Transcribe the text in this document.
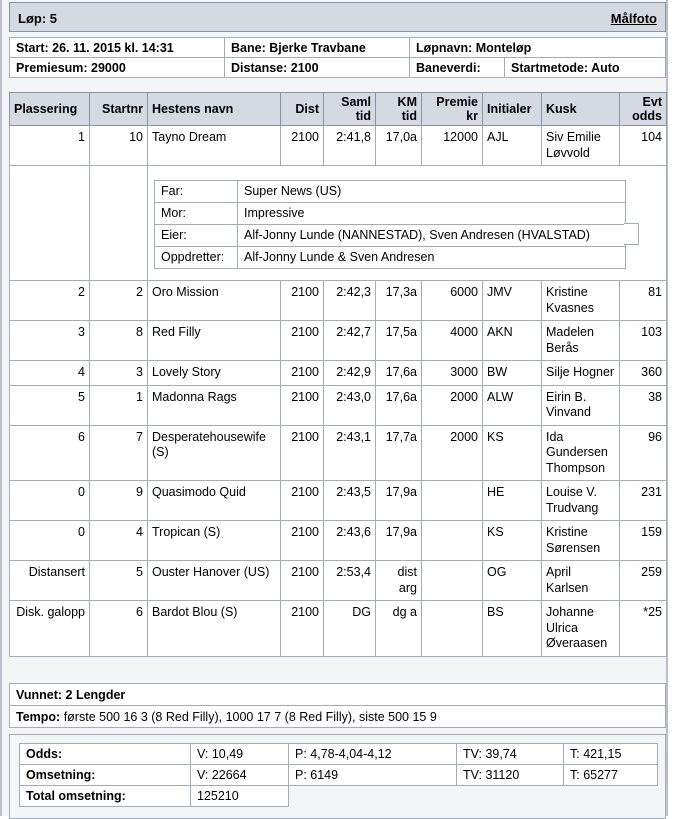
Løp: 5	Målfoto
Start: 26. 11. 2015 kl. 14:31	Bane: Bjerke Travbane	Løpnavn: Monteløp	
Premiesum: 29000	Distanse: 2100	Baneverdi:	Startmetode: Auto
Plassering	Startnr	Hestens navn	Dist	Saml tid	KM tid	Premie kr	Initialer	Kusk	Evt odds
1	10	Tayno Dream	2100	2:41,8	17,0a	12000	AJL	Siv Emilie Løvvold	104

Far:	Super News (US)
Mor:	Impressive
Eier:	Alf-Jonny Lunde (NANNESTAD), Sven Andresen (HVALSTAD)
Oppdretter:	Alf-Jonny Lunde & Sven Andresen

2	2	Oro Mission	2100	2:42,3	17,3a	6000	JMV	Kristine Kvasnes	81
3	8	Red Filly	2100	2:42,7	17,5a	4000	AKN	Madelen Berås	103
4	3	Lovely Story	2100	2:42,9	17,6a	3000	BW	Silje Hogner	360
5	1	Madonna Rags	2100	2:43,0	17,6a	2000	ALW	Eirin B. Vinvand	38
6	7	Desperatehousewife (S)	2100	2:43,1	17,7a	2000	KS	Ida Gundersen Thompson	96
0	9	Quasimodo Quid	2100	2:43,5	17,9a		HE	Louise V. Trudvang	231
0	4	Tropican (S)	2100	2:43,6	17,9a		KS	Kristine Sørensen	159
Distansert	5	Ouster Hanover (US)	2100	2:53,4	dist arg		OG	April Karlsen	259
Disk. galopp	6	Bardot Blou (S)	2100	DG	dg a		BS	Johanne Ulrica Øveraasen	*25
Vunnet: 2 Lengder
Tempo: første 500 16 3 (8 Red Filly), 1000 17 7 (8 Red Filly), siste 500 15 9
Odds:	V: 10,49	P: 4,78-4,04-4,12	TV: 39,74	T: 421,15
Omsetning:	V: 22664	P: 6149	TV: 31120	T: 65277
Total omsetning:	125210			
